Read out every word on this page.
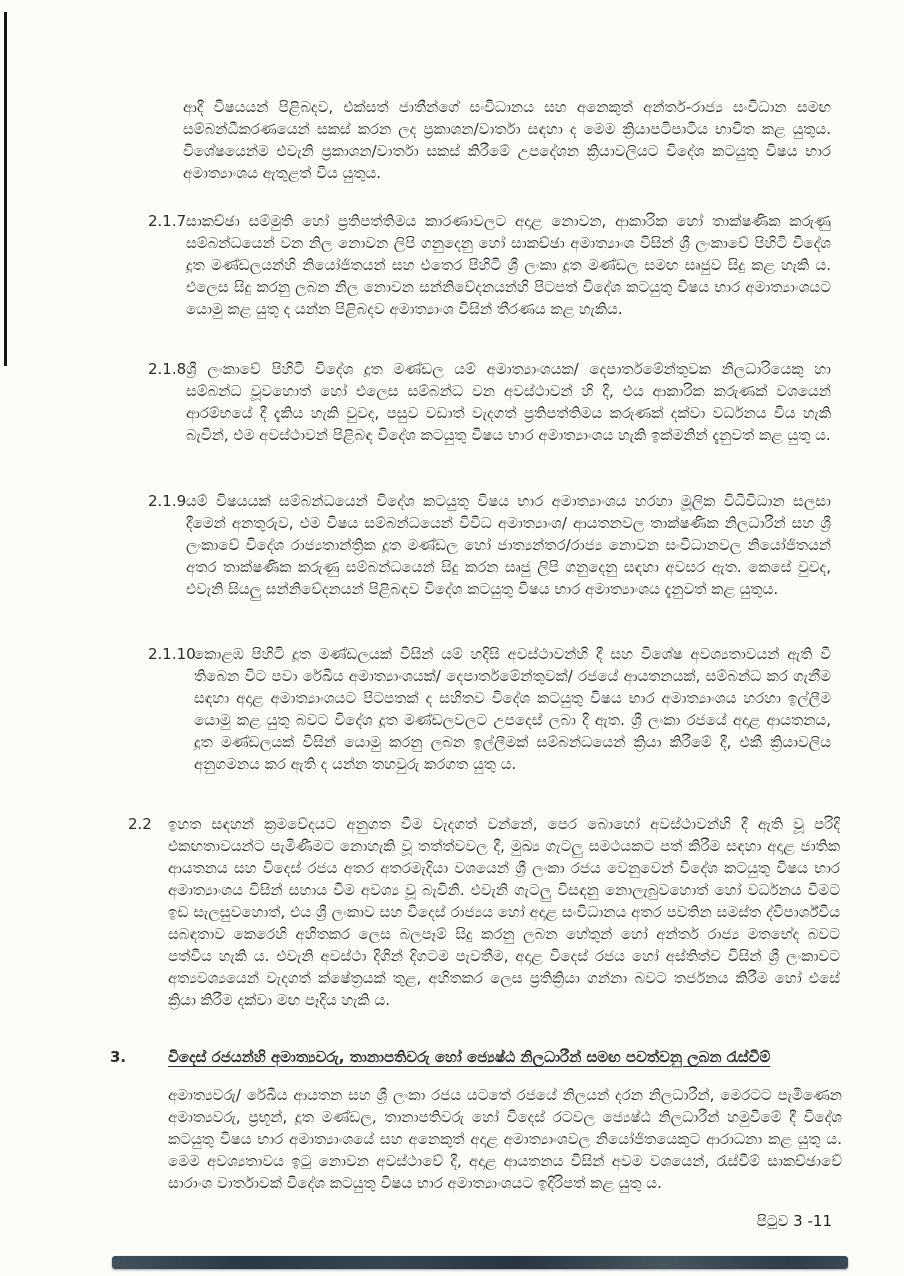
ආදී විෂයයන් පිළිබදව, එක්සත් ජාතීන්ගේ සංවිධානය සහ අනෙකුත් අන්තර්-රාජ්‍ය සංවිධාන සමඟ සම්බන්ධීකරණයෙන් සකස් කරන ලද ප්‍රකාශන/වාර්තා සඳහා ද මෙම ක්‍රියාපටිපාටිය භාවිත කළ යුතුය. විශේෂයෙන්ම එවැනි ප්‍රකාශන/වාර්තා සකස් කිරීමේ උපදේශන ක්‍රියාවලියට විදේශ කටයුතු විෂය භාර අමාත්‍යාංශය ඇතුළත් විය යුතුය.
2.1.7 සාකච්ඡා සම්මුති හෝ ප්‍රතිපත්තිමය කාරණාවලට අදාළ නොවන, ආකාරික හෝ තාක්ෂණික කරුණු සම්බන්ධයෙන් වන නිල නොවන ලිපි ගනුදෙනු හෝ සාකච්ඡා අමාත්‍යාංශ විසින් ශ්‍රී ලංකාවේ පිහිටි විදේශ දූත මණ්ඩලයන්හි නියෝජිතයන් සහ එතෙර පිහිටි ශ්‍රී ලංකා දූත මණ්ඩල සමඟ සෘජුව සිදු කළ හැකි ය. එලෙස සිදු කරනු ලබන නිල නොවන සන්නිවේදනයන්හි පිටපත් විදේශ කටයුතු විෂය භාර අමාත්‍යාංශයට යොමු කළ යුතු ද යන්න පිළිබදව අමාත්‍යාංශ විසින් තීරණය කළ හැකිය.
2.1.8 ශ්‍රී ලංකාවේ පිහිටි විදේශ දූත මණ්ඩල යම් අමාත්‍යාංශයක/ දෙපාර්තමේන්තුවක නිලධාරියෙකු හා සම්බන්ධ වූවහොත් හෝ එලෙස සම්බන්ධ වන අවස්ථාවන් හි දී, එය ආකාරික කරුණක් වශයෙන් ආරම්භයේ දී දැකිය හැකි වුවද, පසුව වඩාත් වැදගත් ප්‍රතිපත්තිමය කරුණක් දක්වා වර්ධනය විය හැකි බැවින්, එම අවස්ථාවන් පිළිබඳ විදේශ කටයුතු විෂය භාර අමාත්‍යාංශය හැකි ඉක්මනින් දැනුවත් කළ යුතු ය.
2.1.9 යම් විෂයයක් සම්බන්ධයෙන් විදේශ කටයුතු විෂය භාර අමාත්‍යාංශය හරහා මූලික විධිවිධාන සලසා දීමෙන් අනතුරුව, එම විෂය සම්බන්ධයෙන් විවිධ අමාත්‍යාංශ/ ආයතනවල තාක්ෂණික නිලධාරීන් සහ ශ්‍රී ලංකාවේ විදේශ රාජ්‍යතාන්ත්‍රික දූත මණ්ඩල හෝ ජාත්‍යන්තර/රාජ්‍ය නොවන සංවිධානවල නියෝජිතයන් අතර තාක්ෂණික කරුණු සම්බන්ධයෙන් සිදු කරන සෘජු ලිපි ගනුදෙනු සඳහා අවසර ඇත. කෙසේ වුවද, එවැනි සියලු සන්නිවේදනයන් පිළිබඳව විදේශ කටයුතු විෂය භාර අමාත්‍යාංශය දැනුවත් කළ යුතුය.
2.1.10
කොළඹ පිහිටි දූත මණ්ඩලයක් විසින් යම් හදිසි අවස්ථාවන්හි දී සහ විශේෂ අවශ්‍යතාවයන් ඇති වී තිබෙන විට පවා රේඛීය අමාත්‍යාංශයක්/ දෙපාර්තමේන්තුවක්/ රජයේ ආයතනයක්, සම්බන්ධ කර ගැනීම සඳහා අදාළ අමාත්‍යාංශයට පිටපතක් ද සහිතව විදේශ කටයුතු විෂය භාර අමාත්‍යාංශය හරහා ඉල්ලීම යොමු කළ යුතු බවට විදේශ දූත මණ්ඩලවලට උපදෙස් ලබා දී ඇත. ශ්‍රී ලංකා රජයේ අදාළ ආයතනය, දූත මණ්ඩලයක් විසින් යොමු කරනු ලබන ඉල්ලීමක් සම්බන්ධයෙන් ක්‍රියා කිරීමේ දී, එකී ක්‍රියාවලිය අනුගමනය කර ඇති ද යන්න තහවුරු කරගත යුතු ය.
2.2 ඉහත සඳහන් ක්‍රමවේදයට අනුගත වීම වැදගත් වන්නේ, පෙර බොහෝ අවස්ථාවන්හි දී ඇති වූ පරිදි එකඟතාවයන්ට පැමිණීමට නොහැකි වූ තත්ත්වවල දී, මුඛ්‍ය ගැටලු සමථයකට පත් කිරීම සඳහා අදාළ ජාතික ආයතනය සහ විදෙස් රජය අතර අතරමැදියා වශයෙන් ශ්‍රී ලංකා රජය වෙනුවෙන් විදේශ කටයුතු විෂය භාර අමාත්‍යාංශය විසින් සහාය වීම අවශ්‍ය වූ බැවිනි. එවැනි ගැටලු විසඳනු නොලැබුවහොත් හෝ වර්ධනය වීමට ඉඩ සැලසුවහොත්, එය ශ්‍රී ලංකාව සහ විදෙස් රාජ්‍යය හෝ අදාළ සංවිධානය අතර පවතින සමස්ත ද්විපාර්ශ්වීය සබඳතාව කෙරෙහි අහිතකර ලෙස බලපෑම් සිදු කරනු ලබන හේතුන් හෝ අන්තර් රාජ්‍ය මතභේද බවට පත්විය හැකි ය. එවැනි අවස්ථා දිගින් දිගටම පැවතීම, අදාළ විදෙස් රජය හෝ අස්තිත්ව විසින් ශ්‍රී ලංකාවට අත්‍යවශ්‍යයෙන් වැදගත් ක්ෂේත්‍රයක් තුළ, අහිතකර ලෙස ප්‍රතික්‍රියා ගන්නා බවට තර්ජනය කිරීම හෝ එසේ ක්‍රියා කිරීම දක්වා මඟ පෑදිය හැකි ය.
3.	විදෙස් රජයන්හි අමාත්‍යවරු, තානාපතිවරු හෝ ජ්‍යෙෂ්ඨ නිලධාරීන් සමඟ පවත්වනු ලබන රැස්වීම්
අමාත්‍යවරු/ රේඛීය ආයතන සහ ශ්‍රී ලංකා රජය යටතේ රජයේ නිලයන් දරන නිලධාරීන්, මෙරටට පැමිණෙන අමාත්‍යවරු, ප්‍රභූන්, දූත මණ්ඩල, තානාපතිවරු හෝ විදෙස් රටවල ජ්‍යෙෂ්ඨ නිලධාරීන් හමුවීමේ දී විදේශ කටයුතු විෂය භාර අමාත්‍යාංශයේ සහ අනෙකුත් අදාළ අමාත්‍යාංශවල නියෝජිතයෙකුට ආරාධනා කළ යුතු ය. මෙම අවශ්‍යතාවය ඉටු නොවන අවස්ථාවේ දී, අදාළ ආයතනය විසින් අවම වශයෙන්, රැස්වීම් සාකච්ඡාවේ සාරාංශ වාර්තාවක් විදේශ කටයුතු විෂය භාර අමාත්‍යාංශයට ඉදිරිපත් කළ යුතු ය.
පිටුව 3 -11
